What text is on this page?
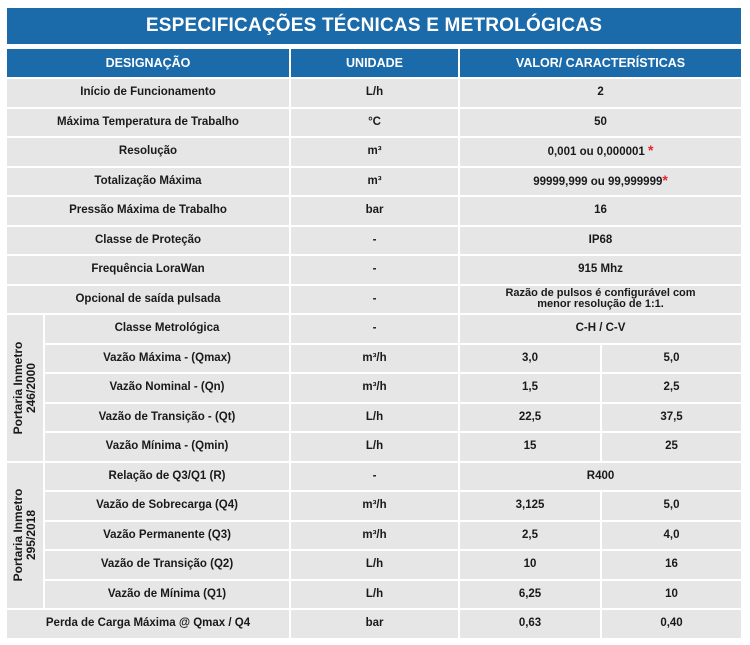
ESPECIFICAÇÕES TÉCNICAS E METROLÓGICAS
DESIGNAÇÃO		UNIDADE	VALOR/ CARACTERÍSTICAS	
Início de Funcionamento		L/h	2	
Máxima Temperatura de Trabalho		°C	50	
Resolução		m³	0,001 ou 0,000001 *	
Totalização Máxima		m³	99999,999 ou 99,999999*	
Pressão Máxima de Trabalho		bar	16	
Classe de Proteção		-	IP68	
Frequência LoraWan		-	915 Mhz	
Opcional de saída pulsada		-	Razão de pulsos é configurável com
menor resolução de 1:1.	

Portaria Inmetro 246/2000	Classe Metrológica	-	C-H / C-V	
	Vazão Máxima - (Qmax)	m³/h	3,0	5,0
	Vazão Nominal - (Qn)	m³/h	1,5	2,5
	Vazão de Transição - (Qt)	L/h	22,5	37,5
	Vazão Mínima - (Qmin)	L/h	15	25

Portaria Inmetro 295/2018	Relação de Q3/Q1 (R)	-	R400	
	Vazão de Sobrecarga (Q4)	m³/h	3,125	5,0
	Vazão Permanente (Q3)	m³/h	2,5	4,0
	Vazão de Transição (Q2)	L/h	10	16
	Vazão de Mínima (Q1)	L/h	6,25	10
Perda de Carga Máxima @ Qmax / Q4		bar	0,63	0,40
